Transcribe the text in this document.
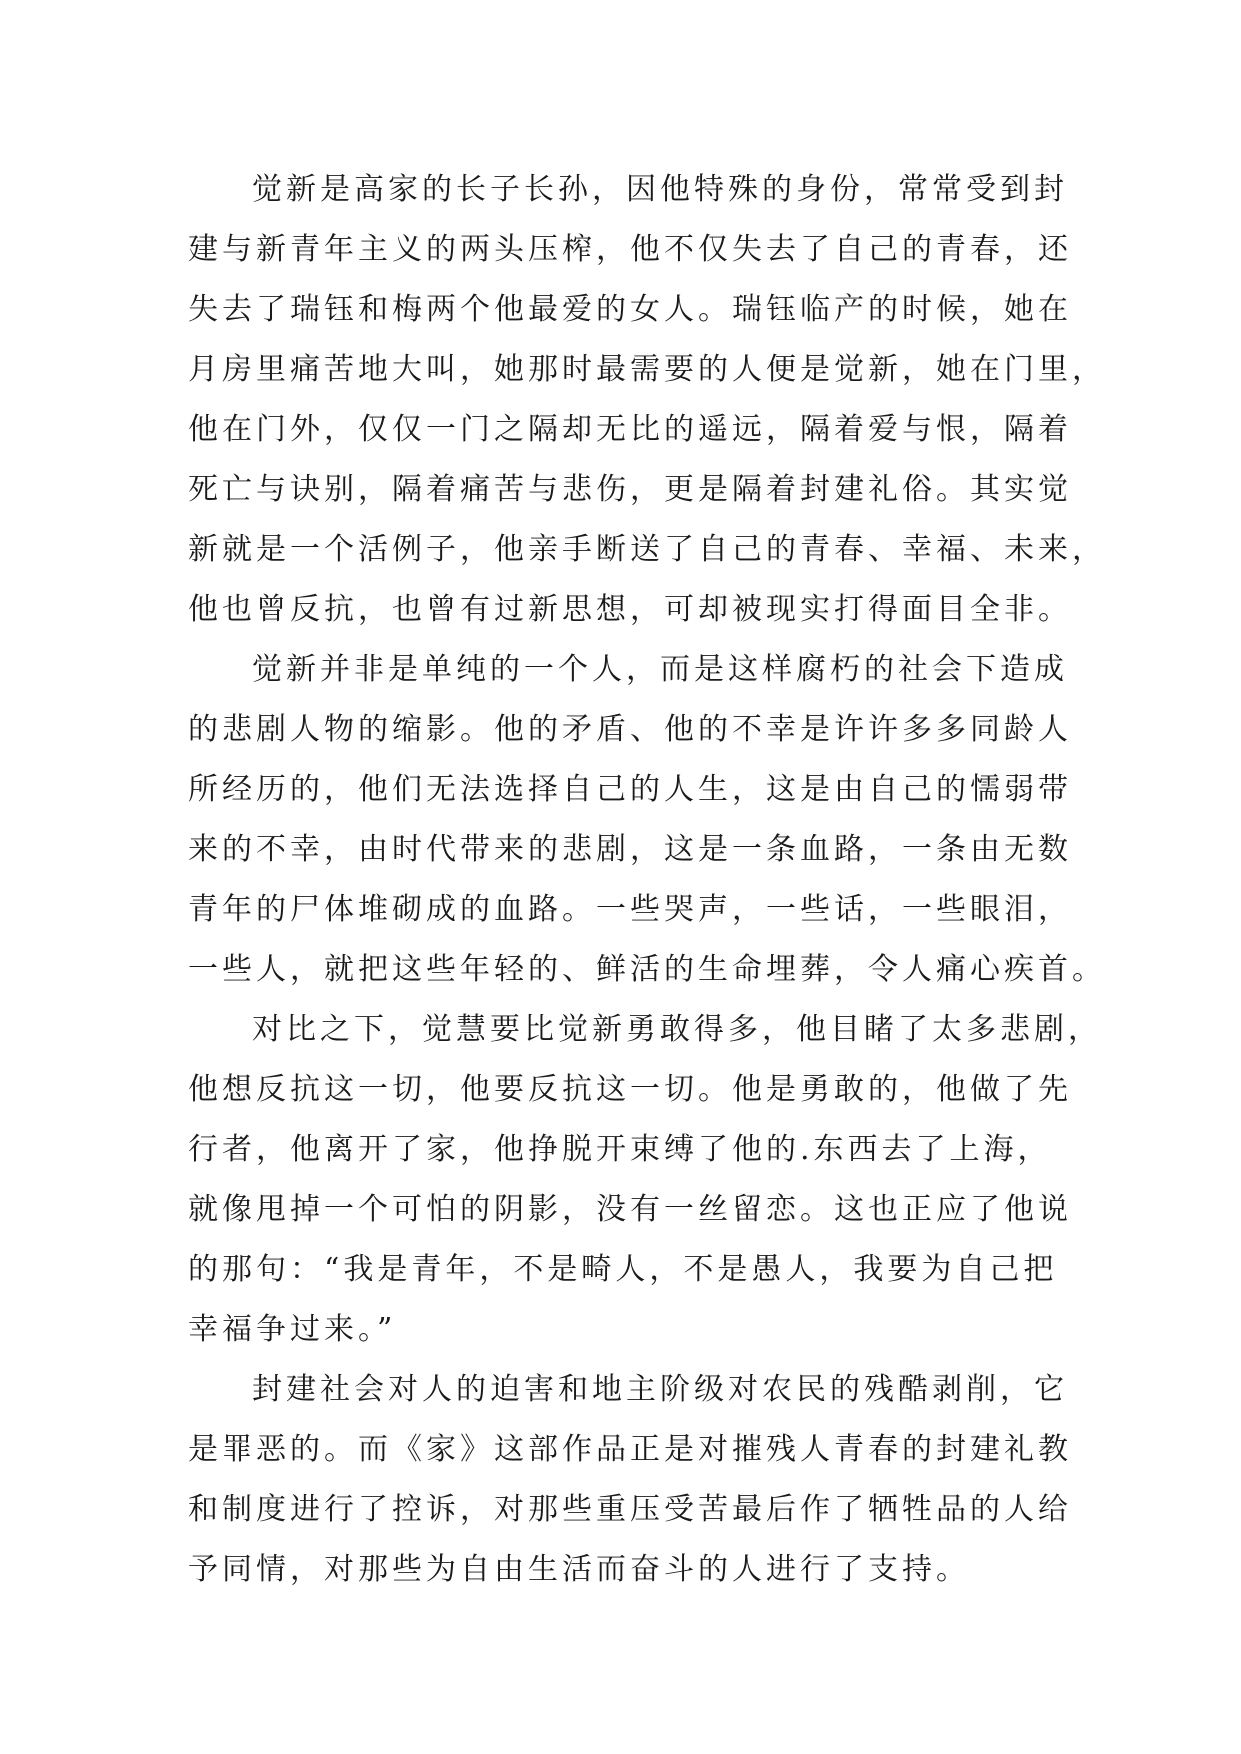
觉新是高家的长子长孙，因他特殊的身份，常常受到封
建与新青年主义的两头压榨，他不仅失去了自己的青春，还
失去了瑞钰和梅两个他最爱的女人。瑞钰临产的时候，她在
月房里痛苦地大叫，她那时最需要的人便是觉新，她在门里，
他在门外，仅仅一门之隔却无比的遥远，隔着爱与恨，隔着
死亡与诀别，隔着痛苦与悲伤，更是隔着封建礼俗。其实觉
新就是一个活例子，他亲手断送了自己的青春、幸福、未来，
他也曾反抗，也曾有过新思想，可却被现实打得面目全非。
觉新并非是单纯的一个人，而是这样腐朽的社会下造成
的悲剧人物的缩影。他的矛盾、他的不幸是许许多多同龄人
所经历的，他们无法选择自己的人生，这是由自己的懦弱带
来的不幸，由时代带来的悲剧，这是一条血路，一条由无数
青年的尸体堆砌成的血路。一些哭声，一些话，一些眼泪，
一些人，就把这些年轻的、鲜活的生命埋葬，令人痛心疾首。
对比之下，觉慧要比觉新勇敢得多，他目睹了太多悲剧，
他想反抗这一切，他要反抗这一切。他是勇敢的，他做了先
行者，他离开了家，他挣脱开束缚了他的.东西去了上海，
就像甩掉一个可怕的阴影，没有一丝留恋。这也正应了他说
的那句：“我是青年，不是畸人，不是愚人，我要为自己把
幸福争过来。”
封建社会对人的迫害和地主阶级对农民的残酷剥削，它
是罪恶的。而《家》这部作品正是对摧残人青春的封建礼教
和制度进行了控诉，对那些重压受苦最后作了牺牲品的人给
予同情，对那些为自由生活而奋斗的人进行了支持。
